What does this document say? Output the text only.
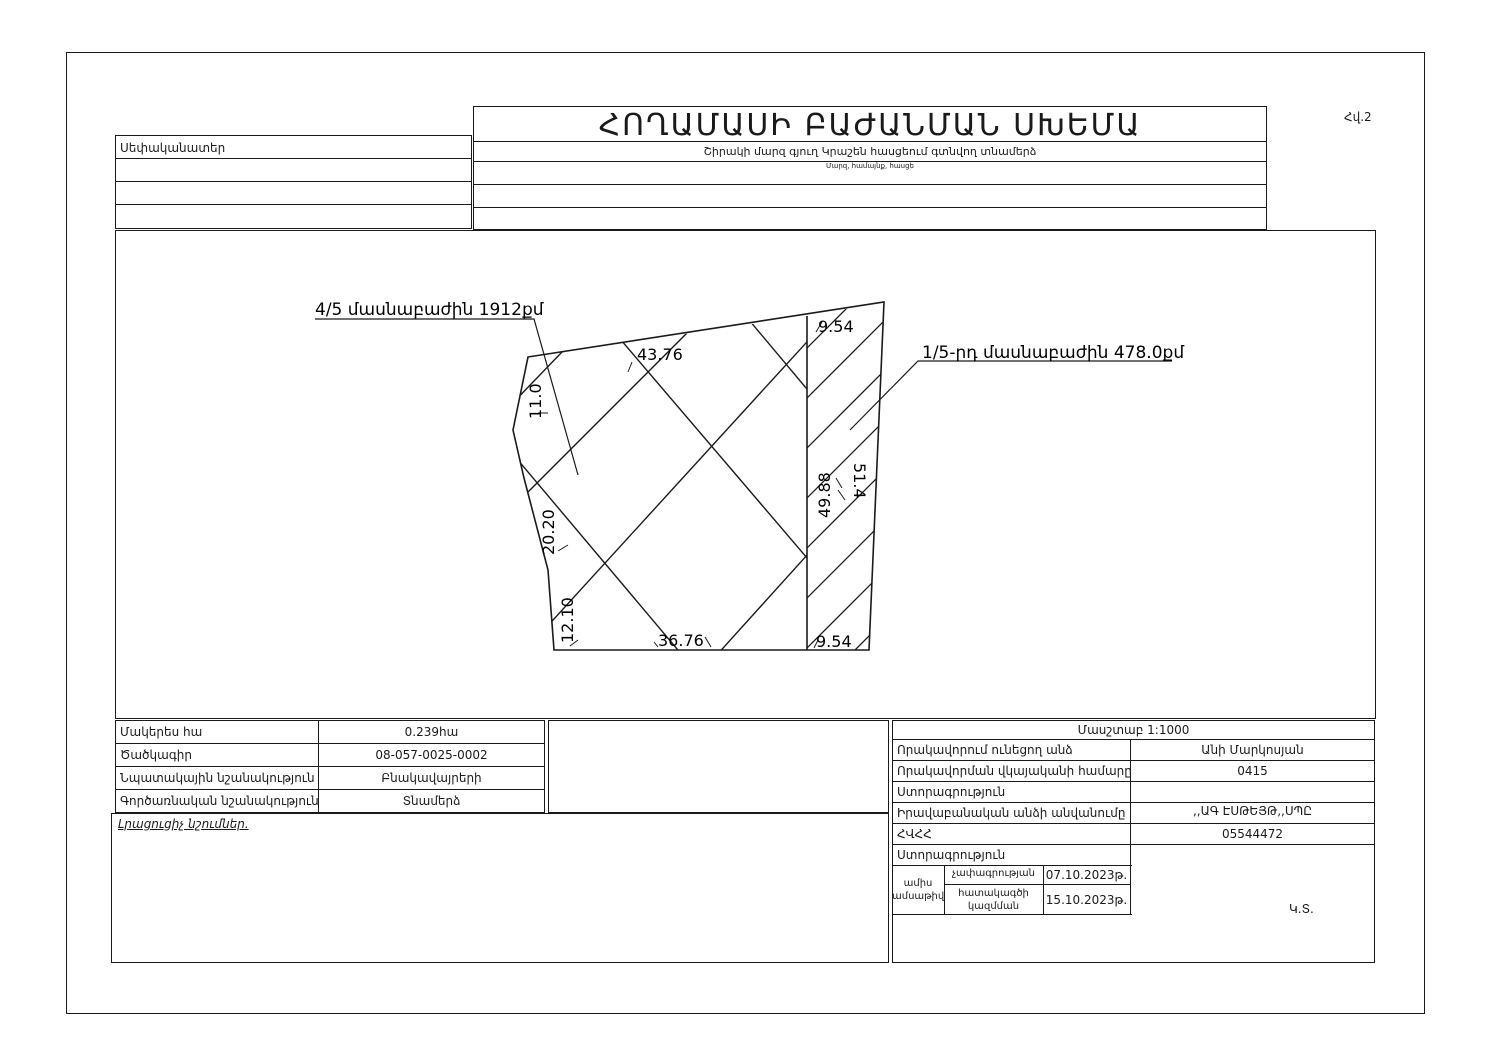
Հվ.2
Սեփականատեր
ՀՈՂԱՄԱՍԻ ԲԱԺԱՆՄԱՆ ՍԽԵՄԱ
Շիրակի մարզ գյուղ Կրաշեն հասցեում գտնվող տնամերձ
Մարզ, համայնք, հասցե
4/5 մասնաբաժին 1912քմ
1/5-րդ մասնաբաժին 478.0քմ
43.76
9.54
36.76	9.54
11.0
20.20
12.10
49.88 51.4
Մակերես հա	0.239հա
Ծածկագիր	08-057-0025-0002
Նպատակային նշանակություն	Բնակավայրերի
Գործառնական նշանակություն	Տնամերձ
Լրացուցիչ նշումներ.
Մասշտաբ 1:1000
Որակավորում ունեցող անձ	Անի Մարկոսյան
Որակավորման վկայականի համարը	0415
Ստորագրություն
Իրավաբանական անձի անվանումը	,,ԱԳ ԷՍԹԵՅԹ,,ՍՊԸ
ՀՎՀՀ	05544472
Ստորագրություն
ամիս ամսաթիվ
չափագրության 07.10.2023թ.
հատակագծի կազմման	15.10.2023թ.
Կ.Տ.
